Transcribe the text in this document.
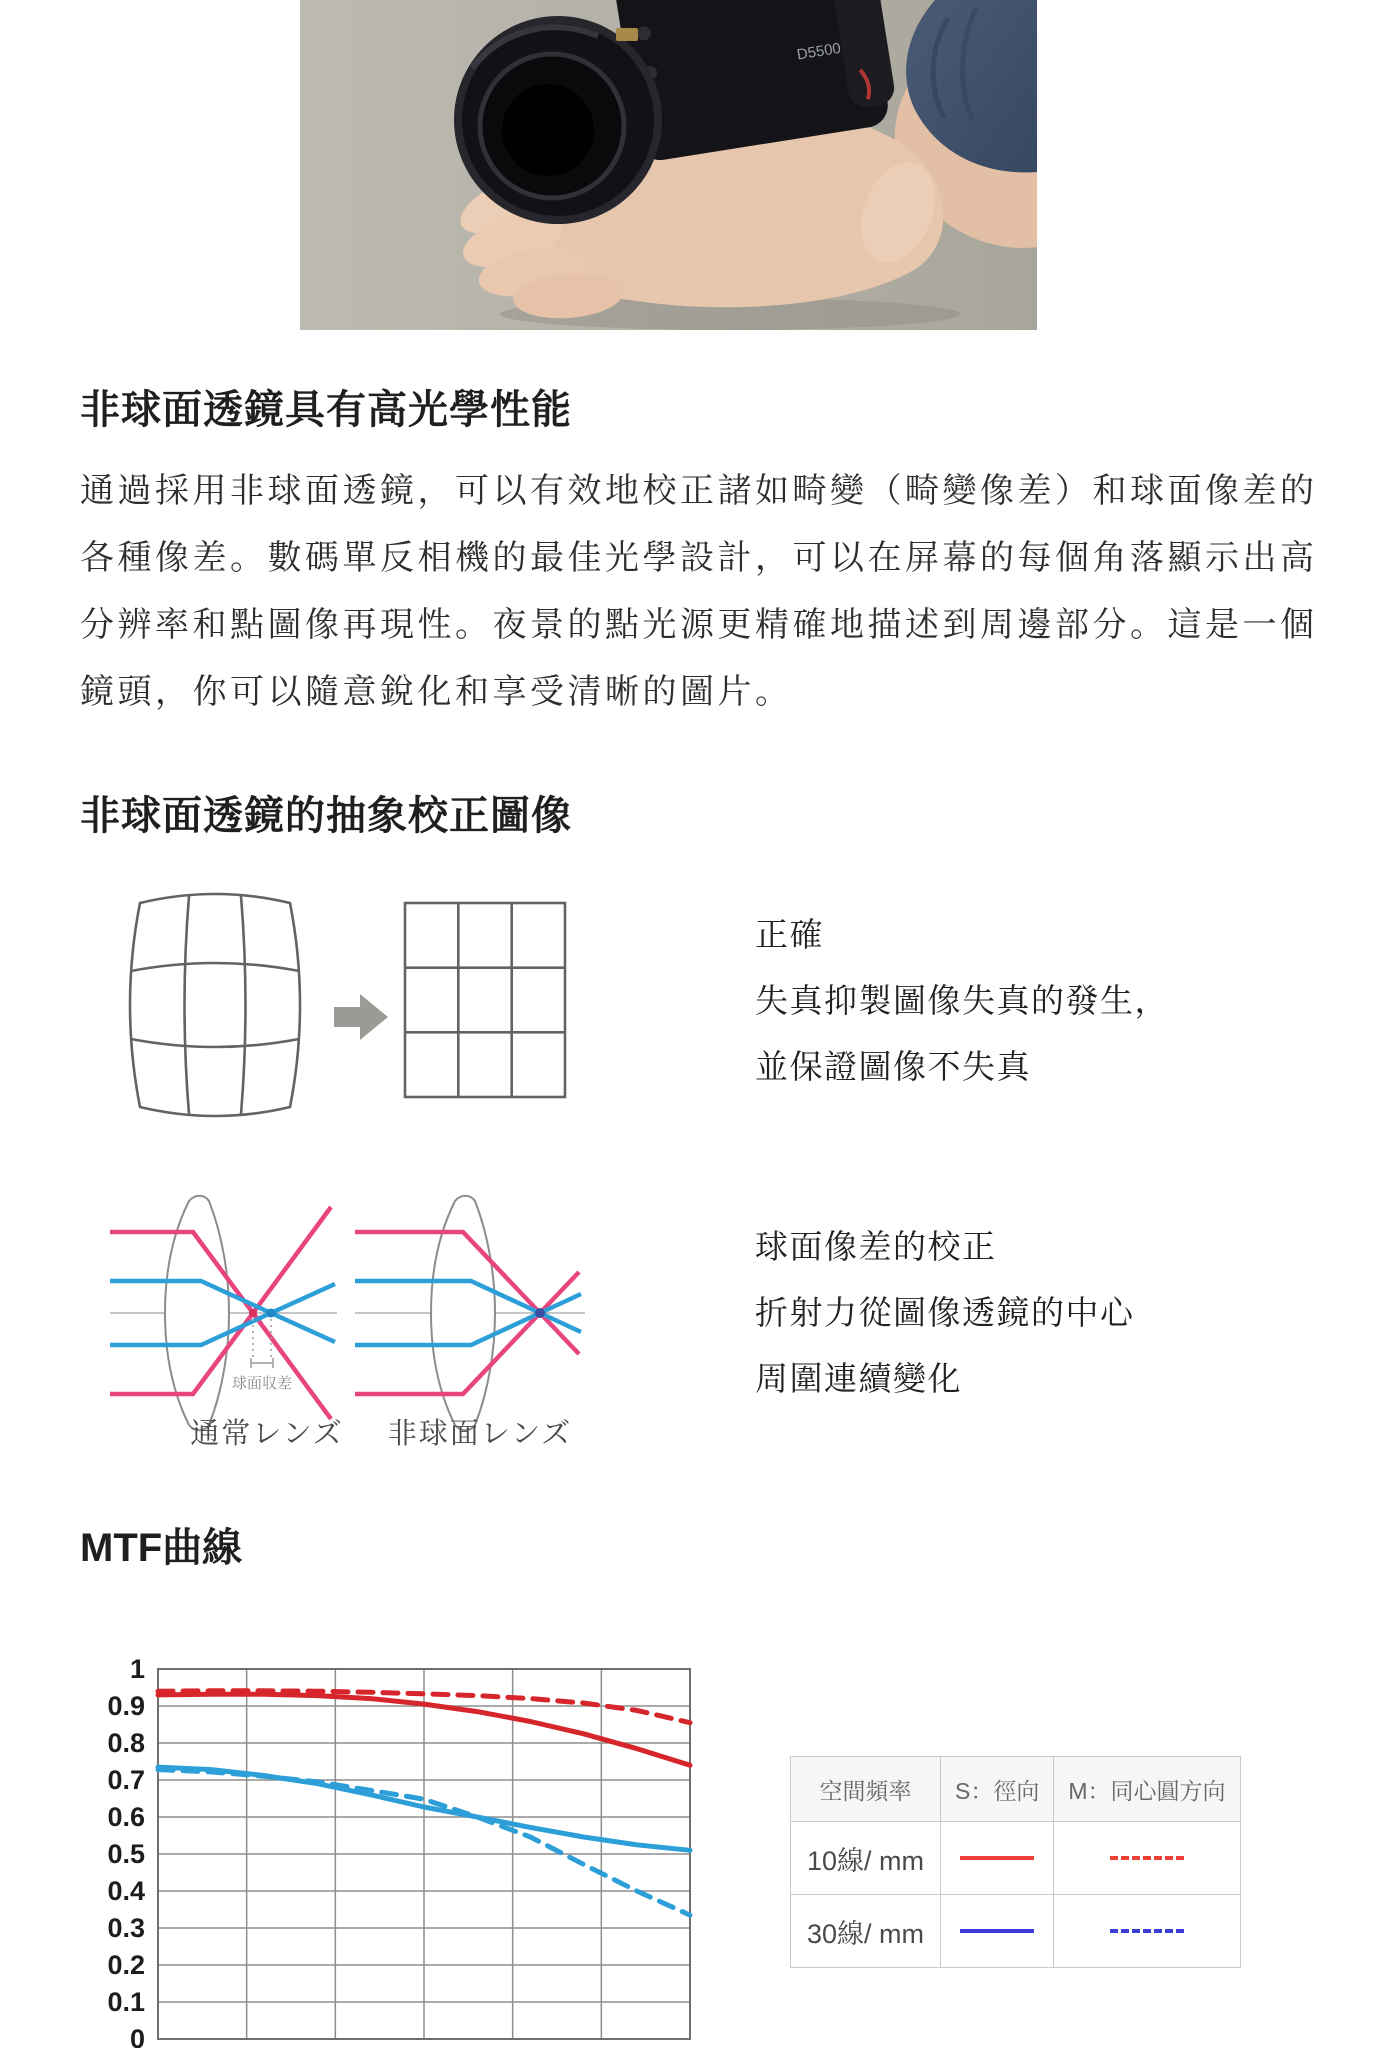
D5500
非球面透鏡具有高光學性能
通過採用非球面透鏡，可以有效地校正諸如畸變（畸變像差）和球面像差的
各種像差。數碼單反相機的最佳光學設計，可以在屏幕的每個角落顯示出高
分辨率和點圖像再現性。夜景的點光源更精確地描述到周邊部分。這是一個
鏡頭，你可以隨意銳化和享受清晰的圖片。
非球面透鏡的抽象校正圖像
正確
失真抑製圖像失真的發生，
並保證圖像不失真
球面収差
通常レンズ 非球面レンズ
球面像差的校正
折射力從圖像透鏡的中心
周圍連續變化
MTF曲線
0
0.1
0.2
0.3
0.4
0.5
0.6
0.7
0.8
0.9
1
空間頻率	S：徑向	M：同心圓方向
10線/ mm		
30線/ mm		
